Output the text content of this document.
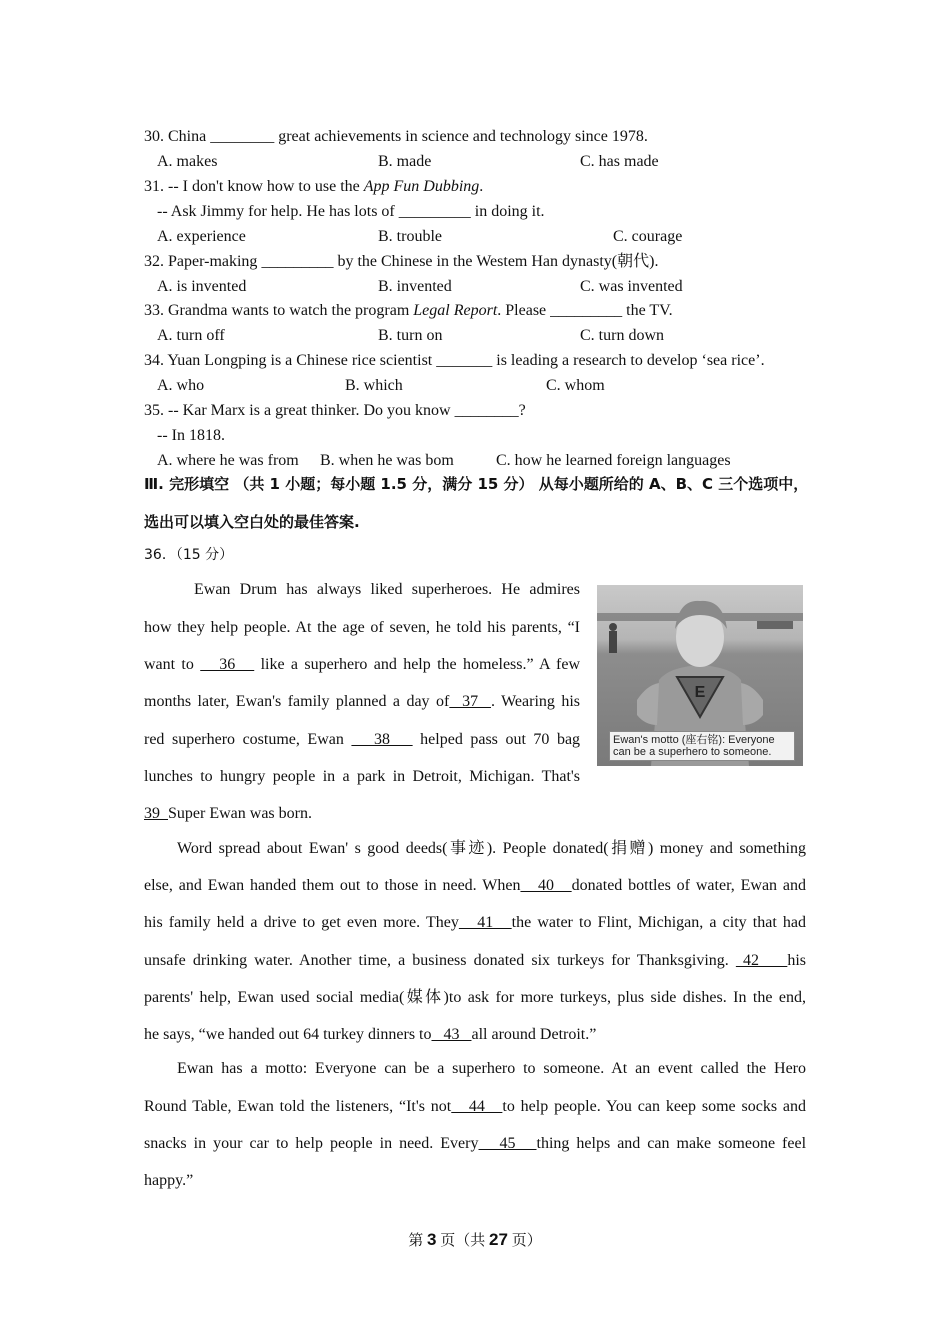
30. China ________ great achievements in science and technology since 1978.
A. makes	B. made	C. has made
31. -- I don't know how to use the App Fun Dubbing.
-- Ask Jimmy for help. He has lots of _________ in doing it.
A. experience	B. trouble	C. courage
32. Paper-making _________ by the Chinese in the Westem Han dynasty(朝代).
A. is invented	B. invented	C. was invented
33. Grandma wants to watch the program Legal Report. Please _________ the TV.
A. turn off	B. turn on	C. turn down
34. Yuan Longping is a Chinese rice scientist _______ is leading a research to develop ‘sea rice’.
A. who	B. which	C. whom
35. -- Kar Marx is a great thinker. Do you know ________?
-- In 1818.
A. where he was from B. when he was bom	C. how he learned foreign languages
Ⅲ. 完形填空 （共 1 小题；每小题 1.5 分，满分 15 分） 从每小题所给的 A、B、C 三个选项中，
选出可以填入空白处的最佳答案.
36．（15 分）
E
Ewan's motto (座右铭): Everyone can be a superhero to someone.
Ewan Drum has always liked superheroes. He admires
how they help people. At the age of seven, he told his parents, “I
want to    36    like a superhero and help the homeless.” A few
months later, Ewan's family planned a day of  37  . Wearing his
red superhero costume, Ewan    38    helped pass out 70 bag
lunches to hungry people in a park in Detroit, Michigan. That's
39  Super Ewan was born.
Word spread about Ewan' s good deeds(事迹). People donated(捐赠) money and something
else, and Ewan handed them out to those in need. When   40   donated bottles of water, Ewan and
his family held a drive to get even more. They   41   the water to Flint, Michigan, a city that had
unsafe drinking water. Another time, a business donated six turkeys for Thanksgiving.  42    his
parents' help, Ewan used social media(媒体)to ask for more turkeys, plus side dishes. In the end,
he says, “we handed out 64 turkey dinners to   43   all around Detroit.”
Ewan has a motto: Everyone can be a superhero to someone. At an event called the Hero
Round Table, Ewan told the listeners, “It's not   44   to help people. You can keep some socks and
snacks in your car to help people in need. Every   45   thing helps and can make someone feel
happy.”
第 3 页（共 27 页）
